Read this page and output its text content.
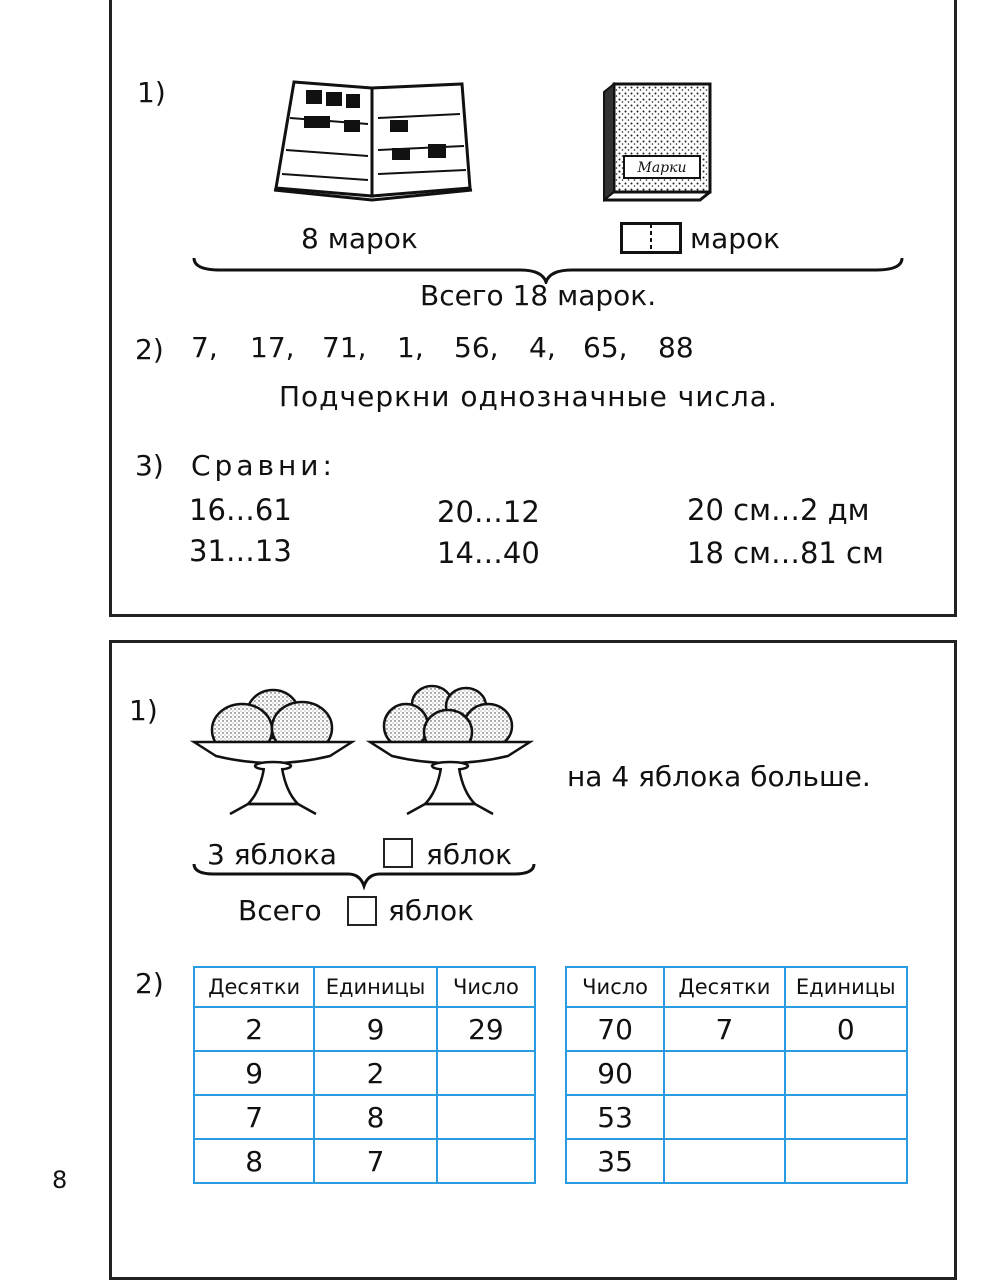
8
1)
Марки
8 марок	марок
Всего 18 марок.
2) 7, 17, 71, 1, 56, 4, 65, 88
Подчеркни однозначные числа.
3) Сравни:
16…61	20…12	20 см…2 дм
31…13	14…40	18 см…81 см
1)
на 4 яблока больше.
3 яблока	яблок
Всего яблок
2) Десятки	Единицы	Число
2	9	29
9	2	
7	8	
8	7	
Число	Десятки	Единицы
70	7	0
90		
53		
35		
